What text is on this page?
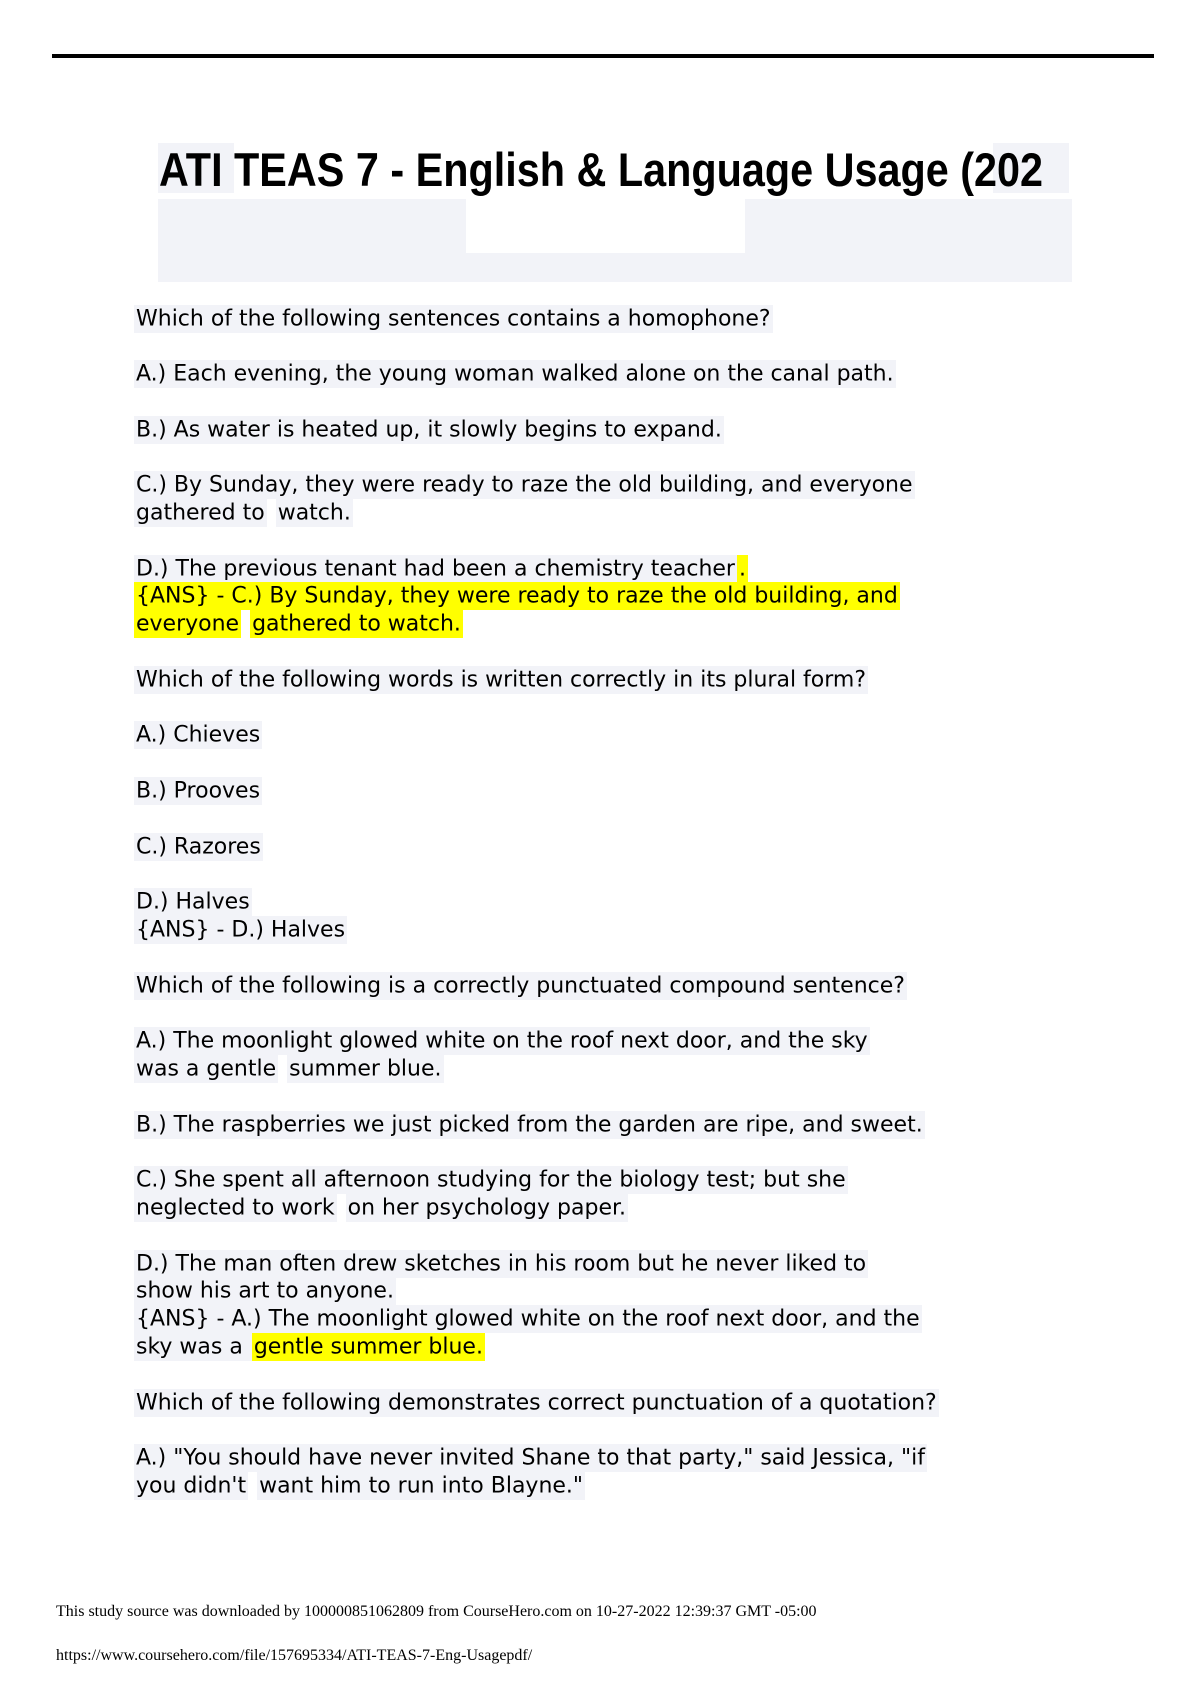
ATI TEAS 7 - English & Language Usage (202
Which of the following sentences contains a homophone?
A.) Each evening, the young woman walked alone on the canal path.
B.) As water is heated up, it slowly begins to expand.
C.) By Sunday, they were ready to raze the old building, and everyone
gathered to watch.
D.) The previous tenant had been a chemistry teacher .
{ANS} - C.) By Sunday, they were ready to raze the old building, and
everyone gathered to watch.
Which of the following words is written correctly in its plural form?
A.) Chieves
B.) Prooves
C.) Razores
D.) Halves
{ANS} - D.) Halves
Which of the following is a correctly punctuated compound sentence?
A.) The moonlight glowed white on the roof next door, and the sky
was a gentle summer blue.
B.) The raspberries we just picked from the garden are ripe, and sweet.
C.) She spent all afternoon studying for the biology test; but she
neglected to work on her psychology paper.
D.) The man often drew sketches in his room but he never liked to
show his art to anyone.
{ANS} - A.) The moonlight glowed white on the roof next door, and the
sky was a gentle summer blue.
Which of the following demonstrates correct punctuation of a quotation?
A.) "You should have never invited Shane to that party," said Jessica, "if
you didn't want him to run into Blayne."
This study source was downloaded by 100000851062809 from CourseHero.com on 10-27-2022 12:39:37 GMT -05:00
https://www.coursehero.com/file/157695334/ATI-TEAS-7-Eng-Usagepdf/
